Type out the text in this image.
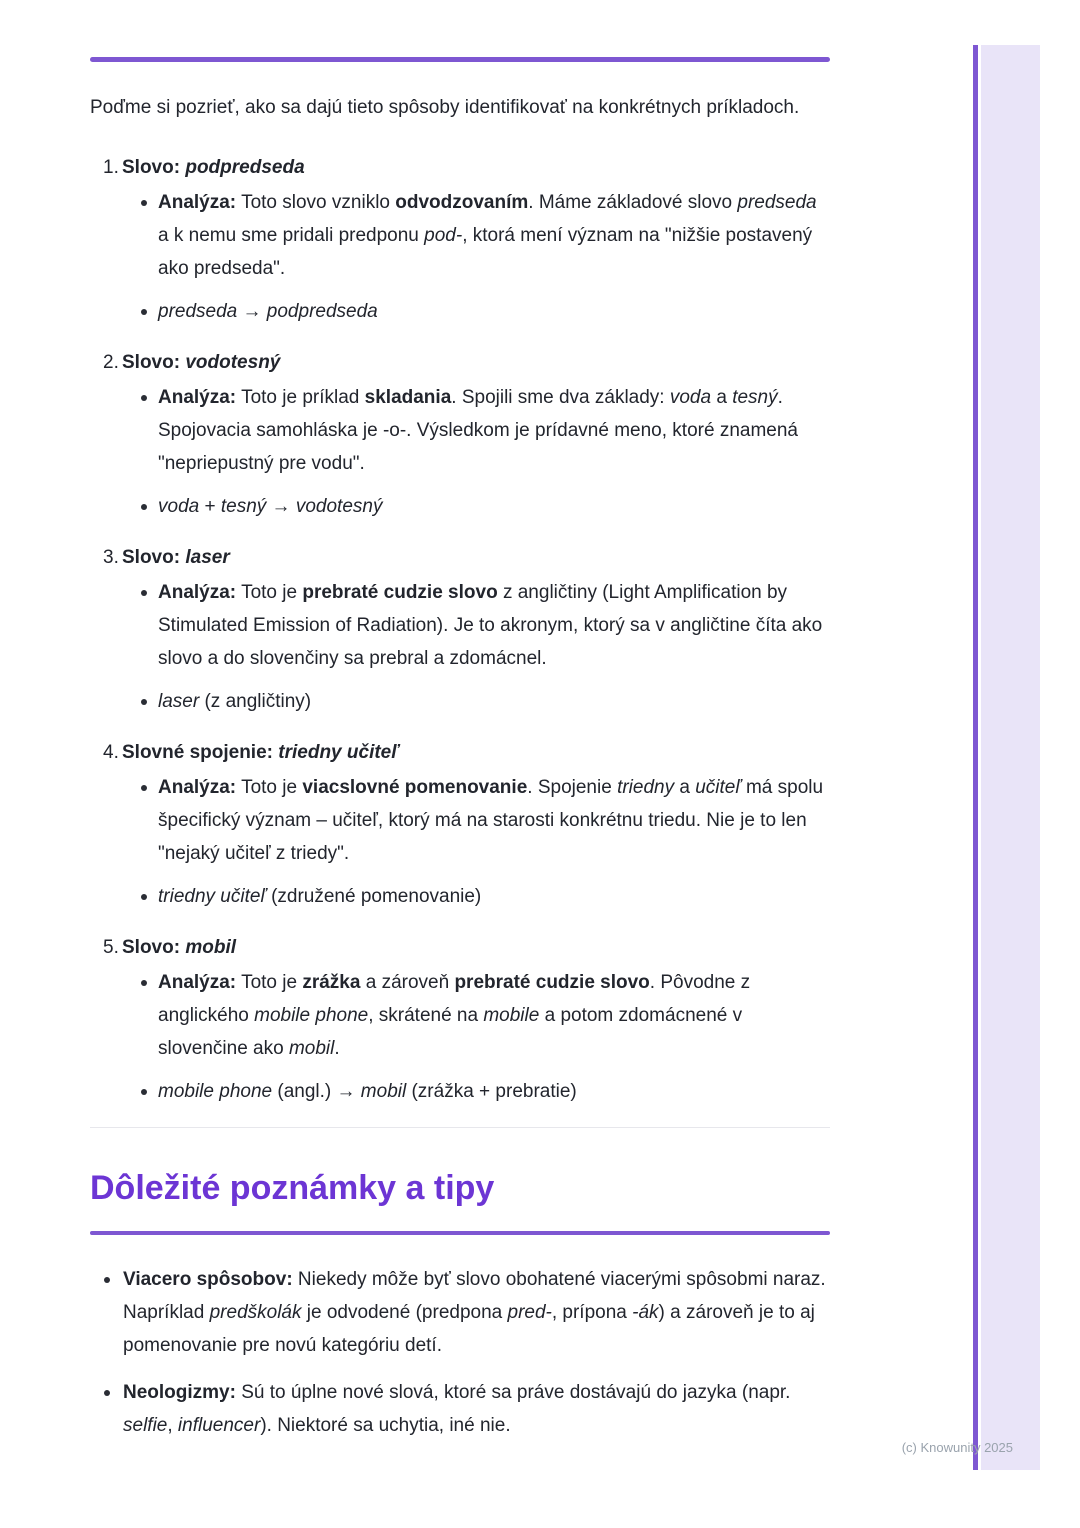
(c) Knowunity 2025

Poďme si pozrieť, ako sa dajú tieto spôsoby identifikovať na konkrétnych príkladoch.

1. Slovo: podpredseda
Analýza: Toto slovo vzniklo odvodzovaním. Máme základové slovo predseda a k nemu sme pridali predponu pod-, ktorá mení význam na "nižšie postavený ako predseda".
predseda → podpredseda
2. Slovo: vodotesný
Analýza: Toto je príklad skladania. Spojili sme dva základy: voda a tesný. Spojovacia samohláska je -o-. Výsledkom je prídavné meno, ktoré znamená "nepriepustný pre vodu".
voda + tesný → vodotesný
3. Slovo: laser
Analýza: Toto je prebraté cudzie slovo z angličtiny (Light Amplification by Stimulated Emission of Radiation). Je to akronym, ktorý sa v angličtine číta ako slovo a do slovenčiny sa prebral a zdomácnel.
laser (z angličtiny)
4. Slovné spojenie: triedny učiteľ
Analýza: Toto je viacslovné pomenovanie. Spojenie triedny a učiteľ má spolu špecifický význam – učiteľ, ktorý má na starosti konkrétnu triedu. Nie je to len "nejaký učiteľ z triedy".
triedny učiteľ (združené pomenovanie)
5. Slovo: mobil
Analýza: Toto je zrážka a zároveň prebraté cudzie slovo. Pôvodne z anglického mobile phone, skrátené na mobile a potom zdomácnené v slovenčine ako mobil.
mobile phone (angl.) → mobil (zrážka + prebratie)
Dôležité poznámky a tipy
Viacero spôsobov: Niekedy môže byť slovo obohatené viacerými spôsobmi naraz. Napríklad predškolák je odvodené (predpona pred-, prípona -ák) a zároveň je to aj pomenovanie pre novú kategóriu detí.
Neologizmy: Sú to úplne nové slová, ktoré sa práve dostávajú do jazyka (napr. selfie, influencer). Niektoré sa uchytia, iné nie.
